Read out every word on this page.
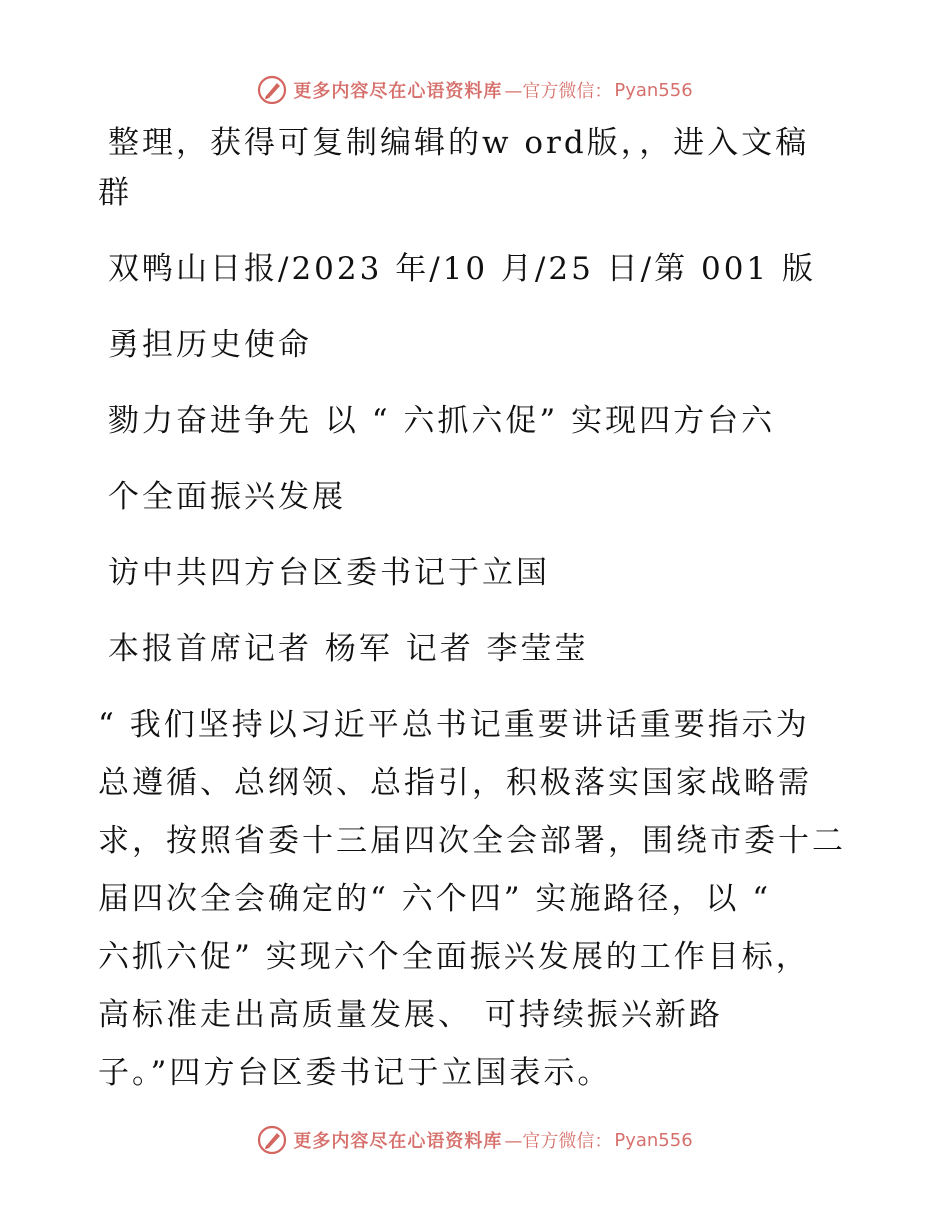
更多内容尽在心语资料库 —官方微信： Pyan556
整理，获得可复制编辑的w ord版，，进入文稿
群
双鸭山日报/2023 年/10 月/25 日/第 001 版
勇担历史使命
勠力奋进争先 以 “ 六抓六促” 实现四方台六
个全面振兴发展
访中共四方台区委书记于立国
本报首席记者 杨军 记者 李莹莹
“ 我们坚持以习近平总书记重要讲话重要指示为
总遵循、总纲领、总指引，积极落实国家战略需
求，按照省委十三届四次全会部署，围绕市委十二
届四次全会确定的“ 六个四” 实施路径，以 “
六抓六促” 实现六个全面振兴发展的工作目标，
高标准走出高质量发展、 可持续振兴新路
子。”四方台区委书记于立国表示。
更多内容尽在心语资料库 —官方微信： Pyan556
